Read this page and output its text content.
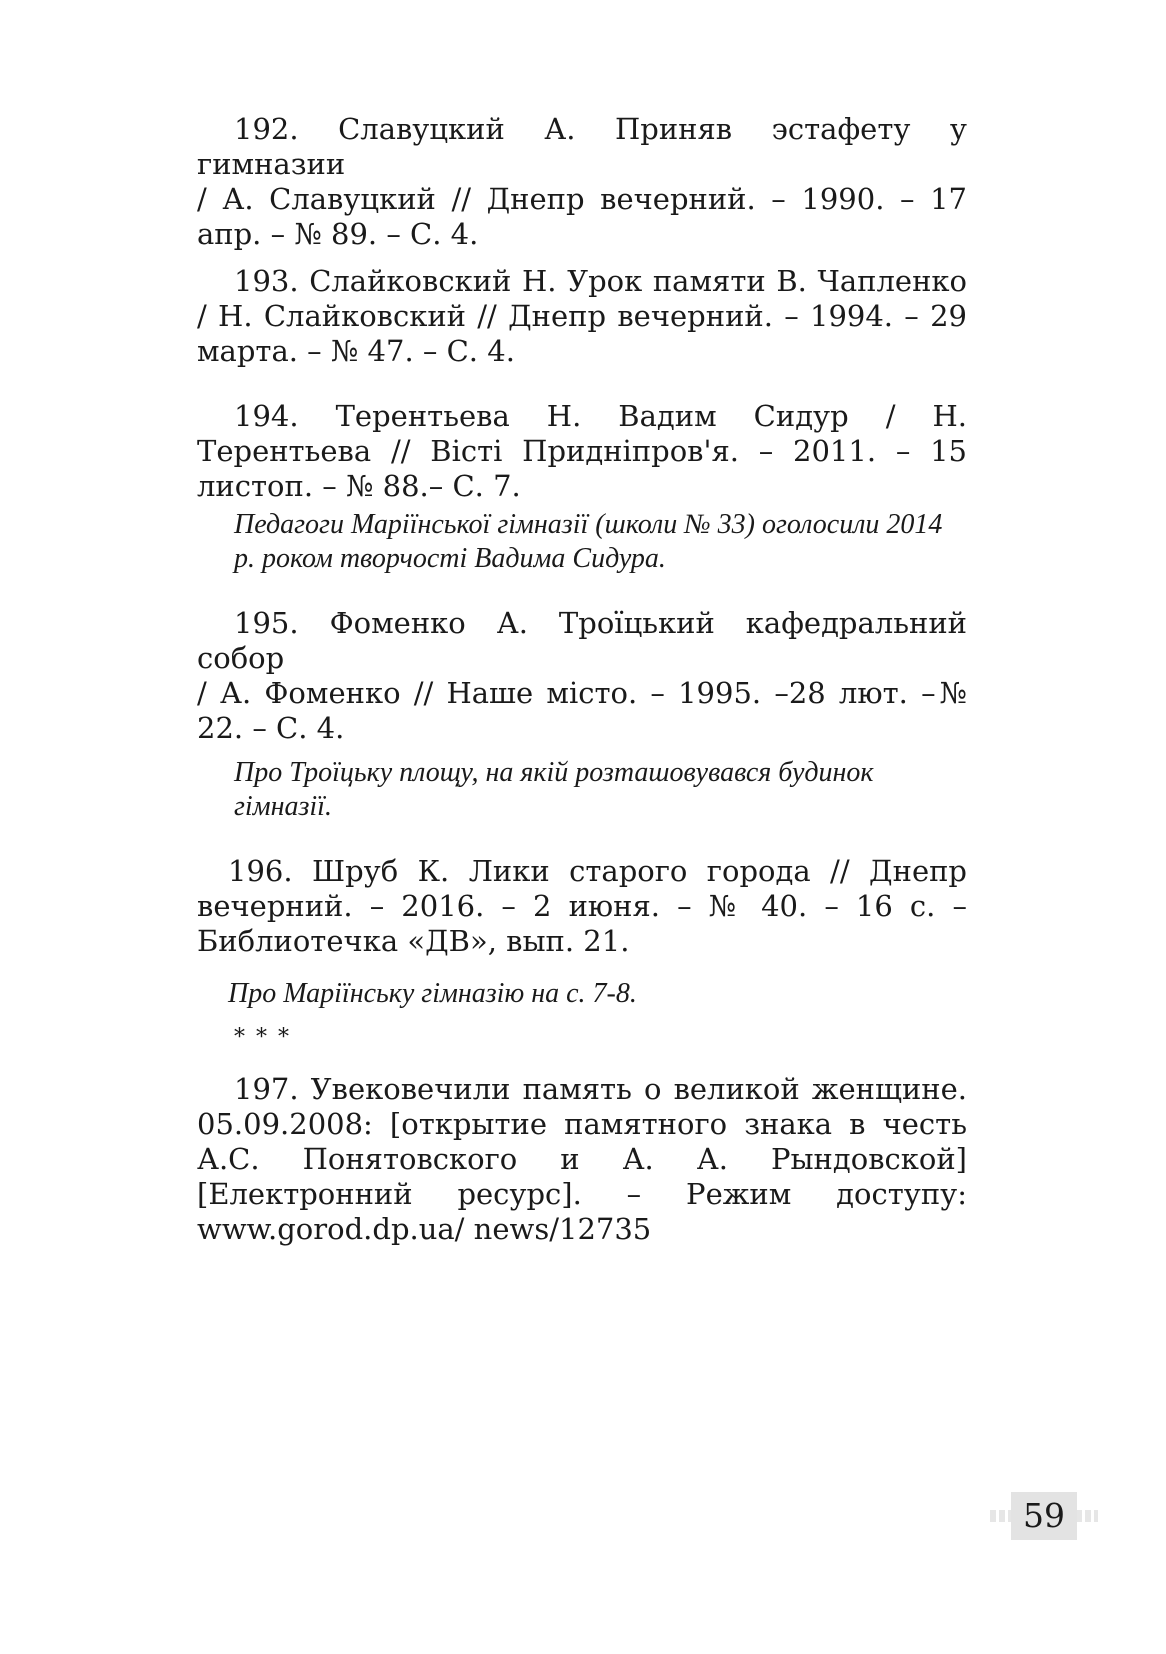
192. Славуцкий А. Приняв эстафету у гимназии
/ А. Славуцкий // Днепр вечерний. – 1990. – 17 апр. – № 89. – С. 4.

193. Слайковский Н. Урок памяти В. Чапленко
/ Н. Слайковский // Днепр вечерний. – 1994. – 29 марта. – № 47. – С. 4.

194. Терентьева Н. Вадим Сидур / Н. Терентьева // Вісті Придніпров'я. – 2011. – 15 листоп. – № 88.– С. 7.

Педагоги Маріїнської гімназії (школи № 33) оголосили 2014 р. роком творчості Вадима Сидура.

195. Фоменко А. Троїцький кафедральний собор
/ А. Фоменко // Наше місто. – 1995. –28 лют. –№ 22. – С. 4.

Про Троїцьку площу, на якій розташовувався будинок гімназії.

196. Шруб К. Лики старого города // Днепр вечерний. – 2016. – 2 июня. – № 40. – 16 с. – Библиотечка «ДВ», вып. 21.

Про Маріїнську гімназію на с. 7-8.

* * *

197. Увековечили память о великой женщине. 05.09.2008: [открытие памятного знака в честь А.С. Понятовского и А. А. Рындовской] [Електронний ресурс]. – Режим доступу: www.gorod.dp.ua/ news/12735

59
